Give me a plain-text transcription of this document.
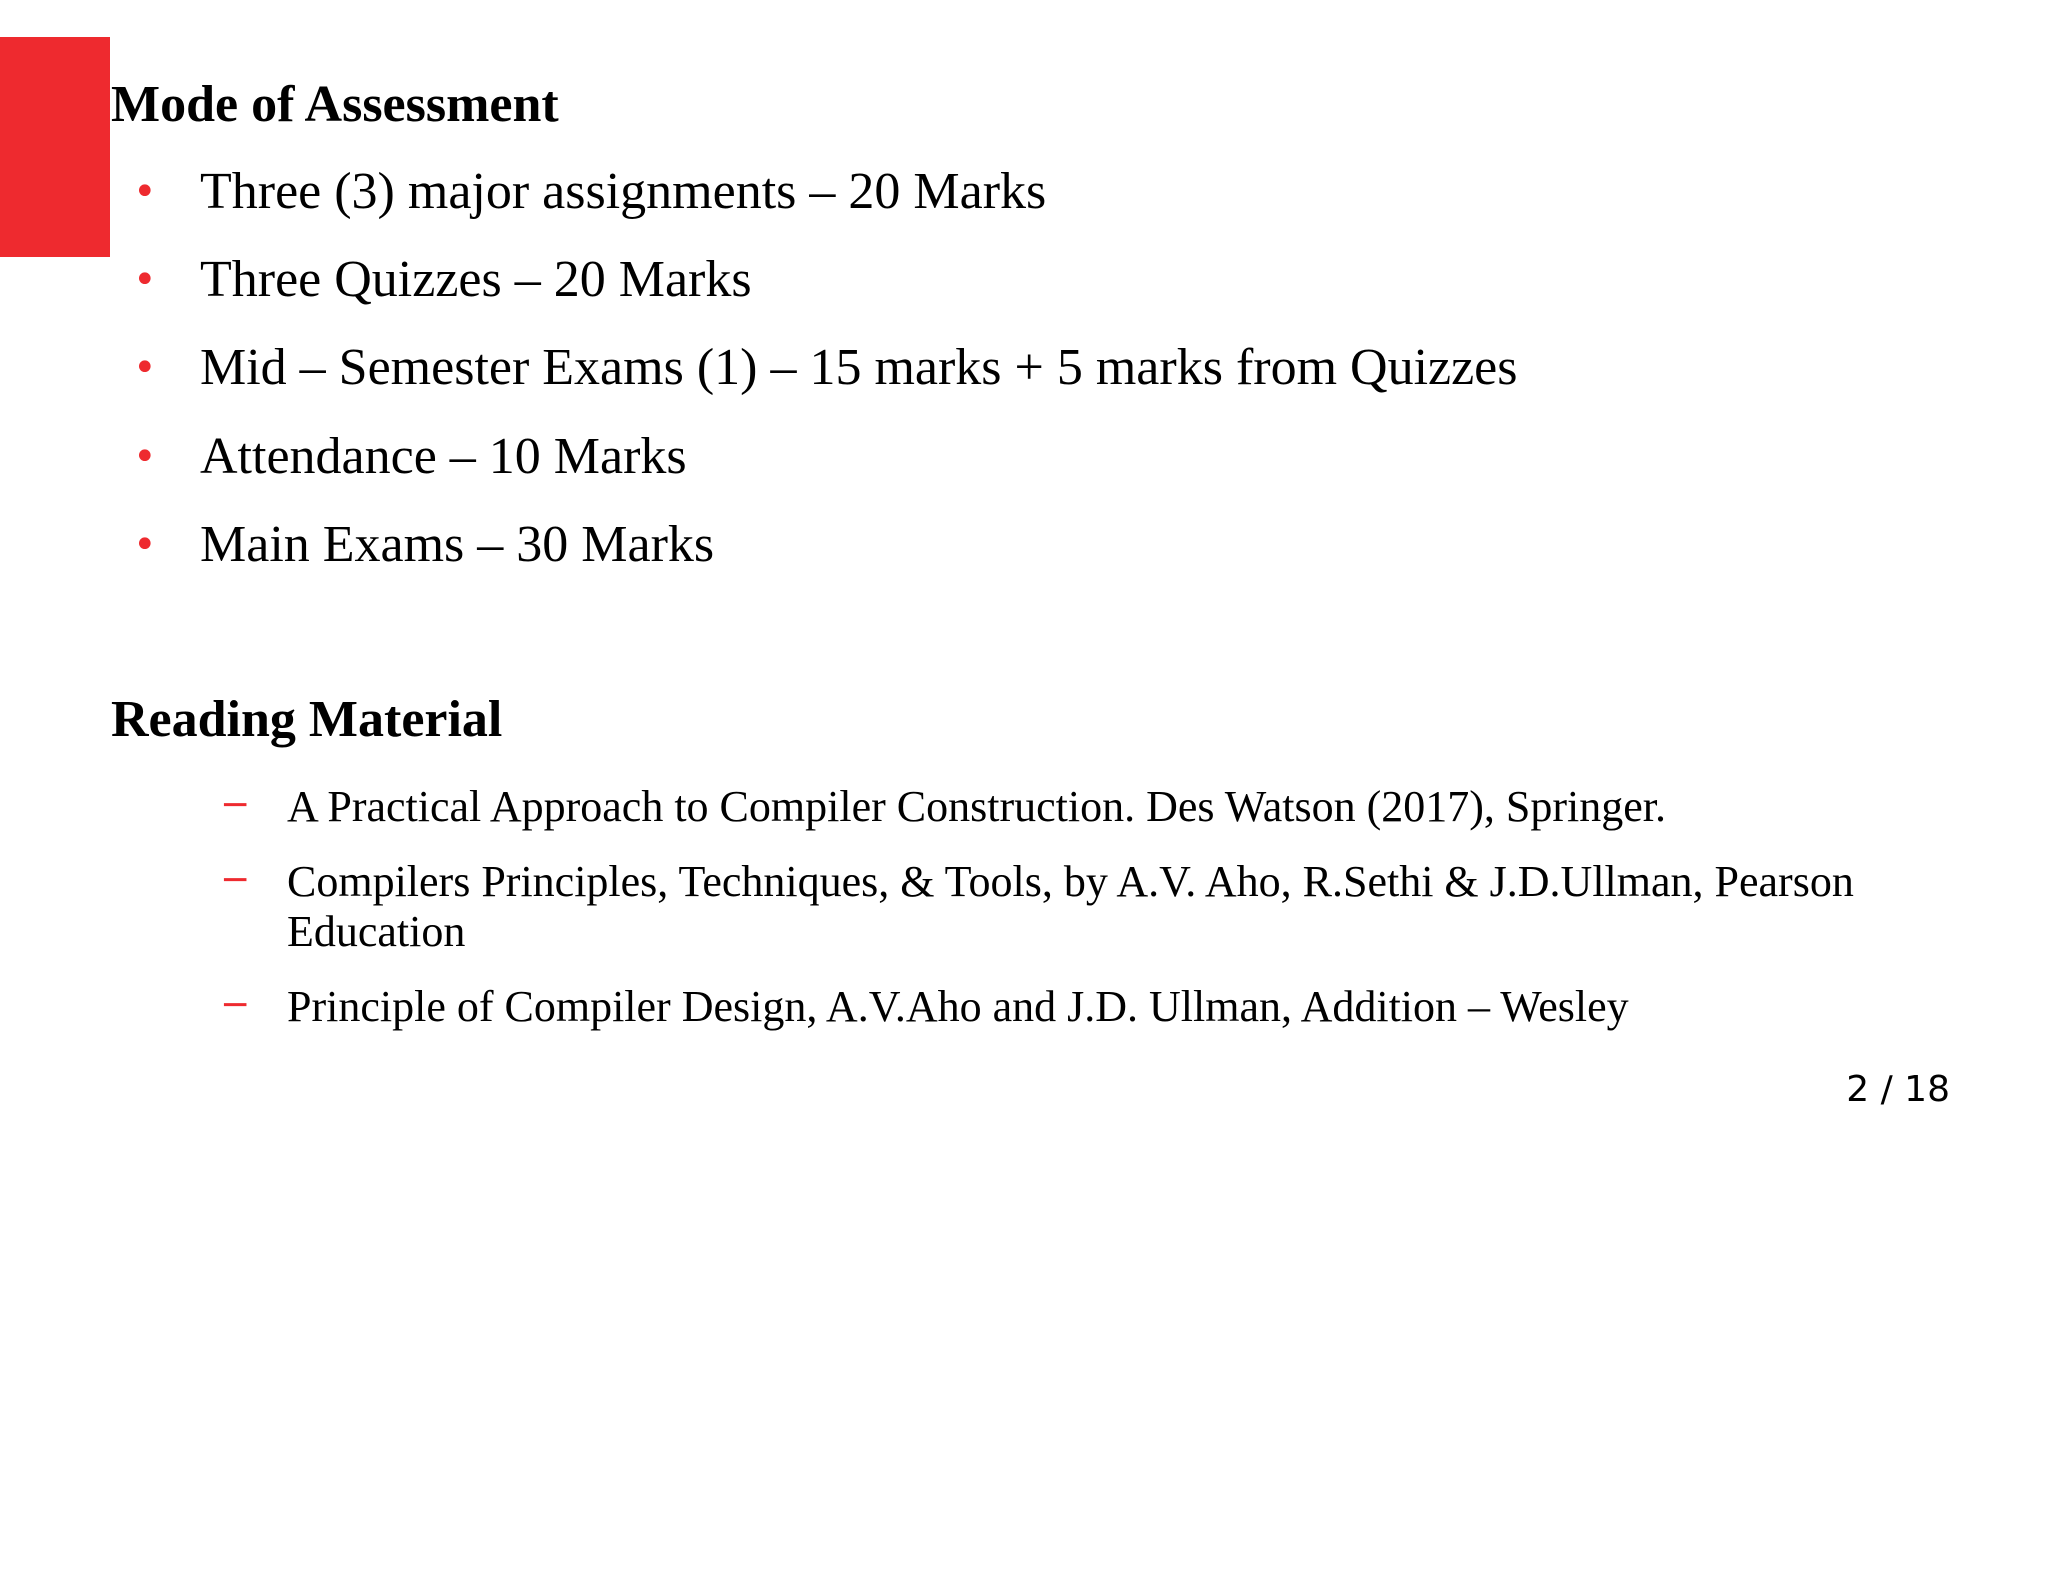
Mode of Assessment
• Three (3) major assignments – 20 Marks
• Three Quizzes – 20 Marks
• Mid – Semester Exams (1) – 15 marks + 5 marks from Quizzes
• Attendance – 10 Marks
• Main Exams – 30 Marks
Reading Material
− A Practical Approach to Compiler Construction. Des Watson (2017), Springer.
− Compilers Principles, Techniques, & Tools, by A.V. Aho, R.Sethi & J.D.Ullman, Pearson Education
− Principle of Compiler Design, A.V.Aho and J.D. Ullman, Addition – Wesley
2 / 18
